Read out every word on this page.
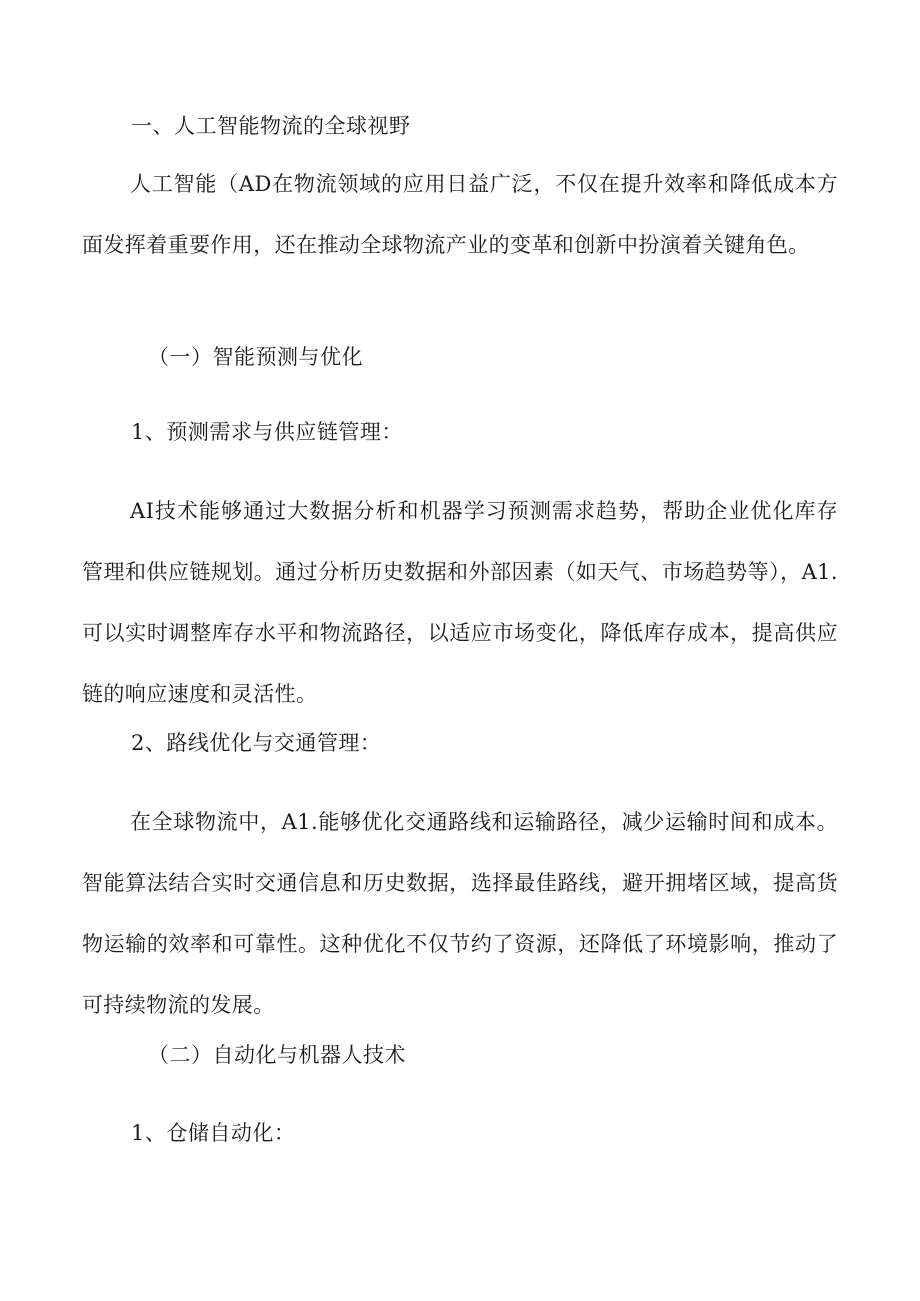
一、人工智能物流的全球视野

人工智能（AD在物流领域的应用日益广泛，不仅在提升效率和降低成本方面发挥着重要作用，还在推动全球物流产业的变革和创新中扮演着关键角色。

（一）智能预测与优化

1、预测需求与供应链管理：

AI技术能够通过大数据分析和机器学习预测需求趋势，帮助企业优化库存管理和供应链规划。通过分析历史数据和外部因素（如天气、市场趋势等），A1.可以实时调整库存水平和物流路径，以适应市场变化，降低库存成本，提高供应链的响应速度和灵活性。

2、路线优化与交通管理：

在全球物流中，A1.能够优化交通路线和运输路径，减少运输时间和成本。智能算法结合实时交通信息和历史数据，选择最佳路线，避开拥堵区域，提高货物运输的效率和可靠性。这种优化不仅节约了资源，还降低了环境影响，推动了可持续物流的发展。

（二）自动化与机器人技术

1、仓储自动化：
